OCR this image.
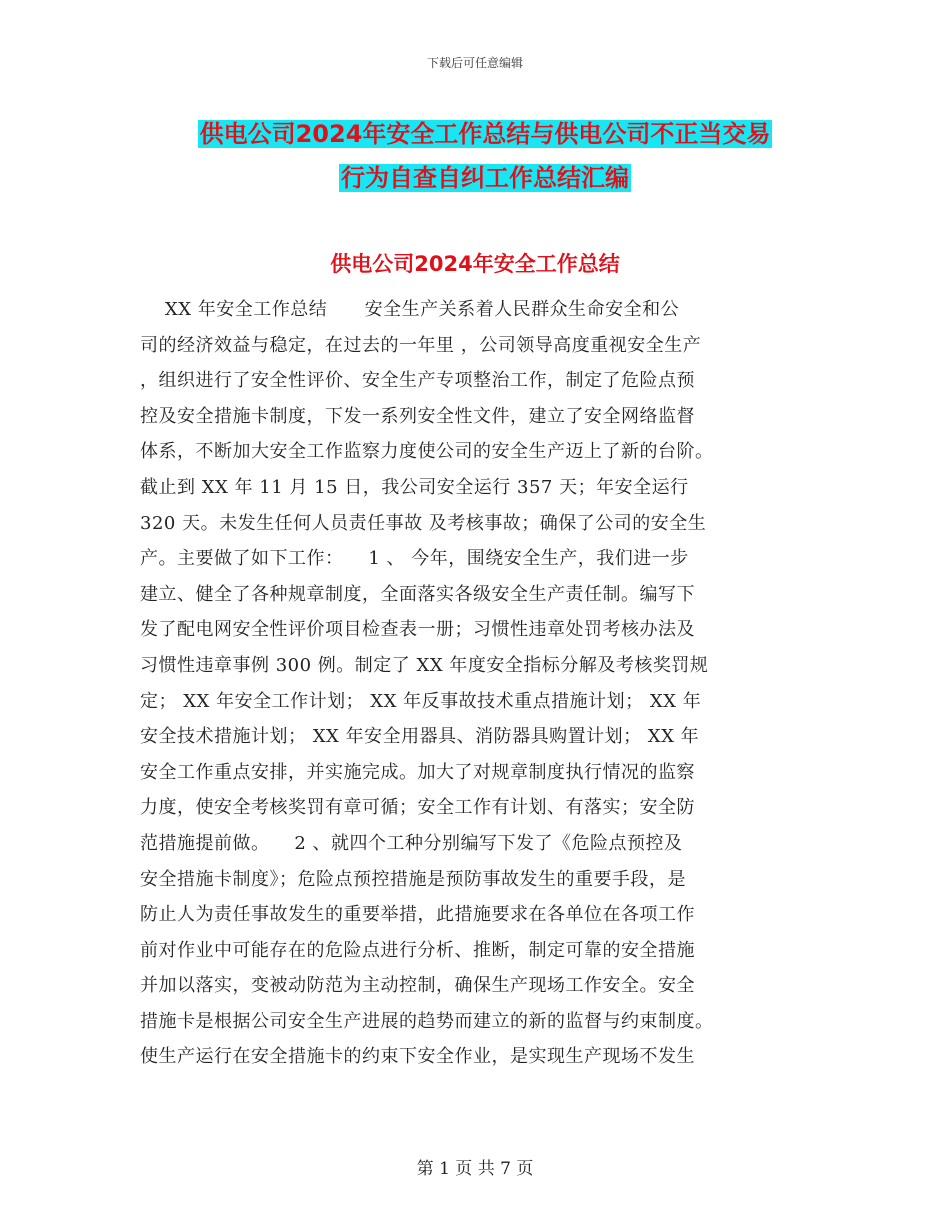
下载后可任意编辑
供电公司2024年安全工作总结与供电公司不正当交易
行为自查自纠工作总结汇编
供电公司2024年安全工作总结
XX 年安全工作总结      安全生产关系着人民群众生命安全和公
司的经济效益与稳定，在过去的一年里 ，公司领导高度重视安全生产
，组织进行了安全性评价、安全生产专项整治工作，制定了危险点预
控及安全措施卡制度，下发一系列安全性文件，建立了安全网络监督
体系，不断加大安全工作监察力度使公司的安全生产迈上了新的台阶。
截止到 XX 年 11 月 15 日，我公司安全运行 357 天；年安全运行
320 天。未发生任何人员责任事故 及考核事故；确保了公司的安全生
产。主要做了如下工作：    1 、 今年，围绕安全生产，我们进一步
建立、健全了各种规章制度，全面落实各级安全生产责任制。编写下
发了配电网安全性评价项目检查表一册；习惯性违章处罚考核办法及
习惯性违章事例 300 例。制定了 XX 年度安全指标分解及考核奖罚规
定； XX 年安全工作计划； XX 年反事故技术重点措施计划； XX 年
安全技术措施计划； XX 年安全用器具、消防器具购置计划； XX 年
安全工作重点安排，并实施完成。加大了对规章制度执行情况的监察
力度，使安全考核奖罚有章可循；安全工作有计划、有落实；安全防
范措施提前做。    2 、就四个工种分别编写下发了《危险点预控及
安全措施卡制度》；危险点预控措施是预防事故发生的重要手段，是
防止人为责任事故发生的重要举措，此措施要求在各单位在各项工作
前对作业中可能存在的危险点进行分析、推断，制定可靠的安全措施
并加以落实，变被动防范为主动控制，确保生产现场工作安全。安全
措施卡是根据公司安全生产进展的趋势而建立的新的监督与约束制度。
使生产运行在安全措施卡的约束下安全作业，是实现生产现场不发生
第 1 页 共 7 页
